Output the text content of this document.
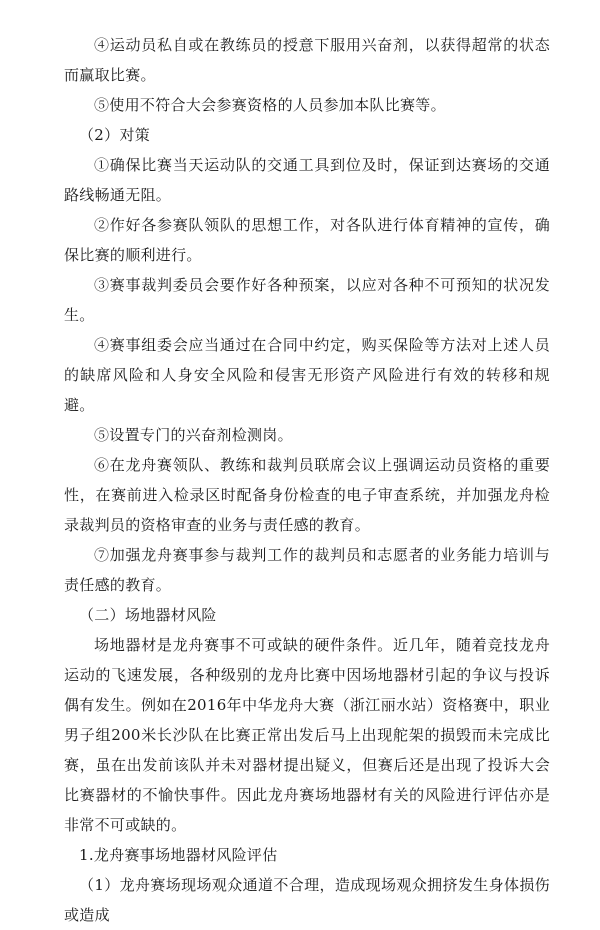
④运动员私自或在教练员的授意下服用兴奋剂，以获得超常的状态而赢取比赛。

⑤使用不符合大会参赛资格的人员参加本队比赛等。

（2）对策

①确保比赛当天运动队的交通工具到位及时，保证到达赛场的交通路线畅通无阻。

②作好各参赛队领队的思想工作，对各队进行体育精神的宣传，确保比赛的顺利进行。

③赛事裁判委员会要作好各种预案，以应对各种不可预知的状况发生。

④赛事组委会应当通过在合同中约定，购买保险等方法对上述人员的缺席风险和人身安全风险和侵害无形资产风险进行有效的转移和规避。

⑤设置专门的兴奋剂检测岗。

⑥在龙舟赛领队、教练和裁判员联席会议上强调运动员资格的重要性，在赛前进入检录区时配备身份检查的电子审查系统，并加强龙舟检录裁判员的资格审查的业务与责任感的教育。

⑦加强龙舟赛事参与裁判工作的裁判员和志愿者的业务能力培训与责任感的教育。

（二）场地器材风险

场地器材是龙舟赛事不可或缺的硬件条件。近几年，随着竞技龙舟运动的飞速发展，各种级别的龙舟比赛中因场地器材引起的争议与投诉偶有发生。例如在2016年中华龙舟大赛（浙江丽水站）资格赛中，职业男子组200米长沙队在比赛正常出发后马上出现舵架的损毁而未完成比赛，虽在出发前该队并未对器材提出疑义，但赛后还是出现了投诉大会比赛器材的不愉快事件。因此龙舟赛场地器材有关的风险进行评估亦是非常不可或缺的。

1.龙舟赛事场地器材风险评估

（1）龙舟赛场现场观众通道不合理，造成现场观众拥挤发生身体损伤或造成
